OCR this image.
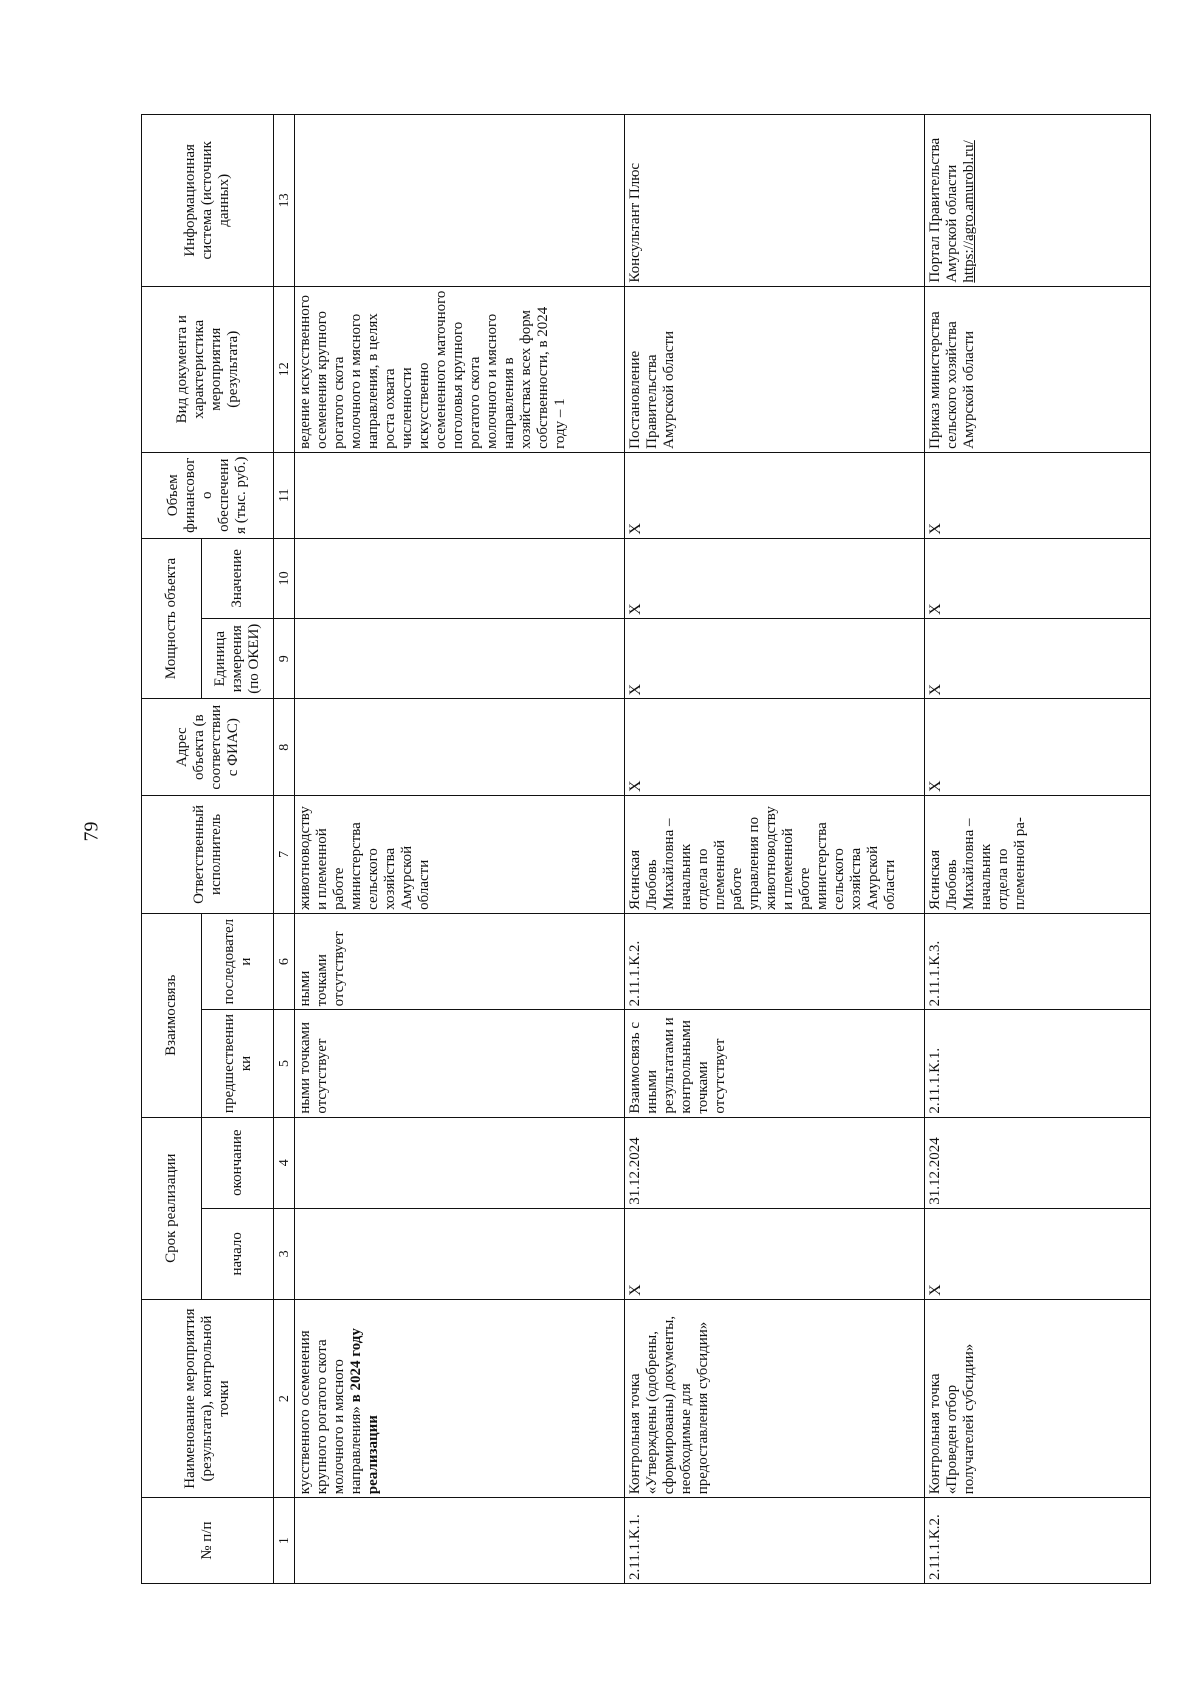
79
№ п/п	Наименование мероприятия (результата), контрольной точки	Срок реализации		Взаимосвязь		Ответственный исполнитель	Адрес объекта (в соответствии с ФИАС)	Мощность объекта		Объем финансового обеспечения (тыс. руб.)	Вид документа и характеристика мероприятия (результата)	Информационная система (источник данных)
		начало	окончание	предшественники	последователи			Единица измерения (по ОКЕИ)	Значение			
1	2	3	4	5	6	7	8	9	10	11	12	13
	кусственного осеменения крупного рогатого скота молочного и мясного направления» в 2024 году реализации			ными точками отсутствует	ными точками отсутствует	животноводству и племенной работе министерства сельского хозяйства Амурской области					ведение искусственного осеменения крупного рогатого скота молочного и мясного направления, в целях роста охвата численности искусственно осемененного маточного поголовья крупного рогатого скота молочного и мясного направления в хозяйствах всех форм собственности, в 2024 году – 1	
2.11.1.К.1.	Контрольная точка «Утверждены (одобрены, сформированы) документы, необходимые для предоставления субсидии»	X	31.12.2024	Взаимосвязь с иными результатами и контрольными точками отсутствует	2.11.1.К.2.	Ясинская Любовь Михайловна – начальник отдела по племенной работе управления по животноводству и племенной работе министерства сельского хозяйства Амурской области	X	X	X	X	Постановление Правительства Амурской области	Консультант Плюс
2.11.1.К.2.	Контрольная точка «Проведен отбор получателей субсидии»	X	31.12.2024	2.11.1.К.1.	2.11.1.К.3.	Ясинская Любовь Михайловна – начальник отдела по племенной ра-	X	X	X	X	Приказ министерства сельского хозяйства Амурской области	Портал Правительства Амурской области
https://agro.amurobl.ru/
